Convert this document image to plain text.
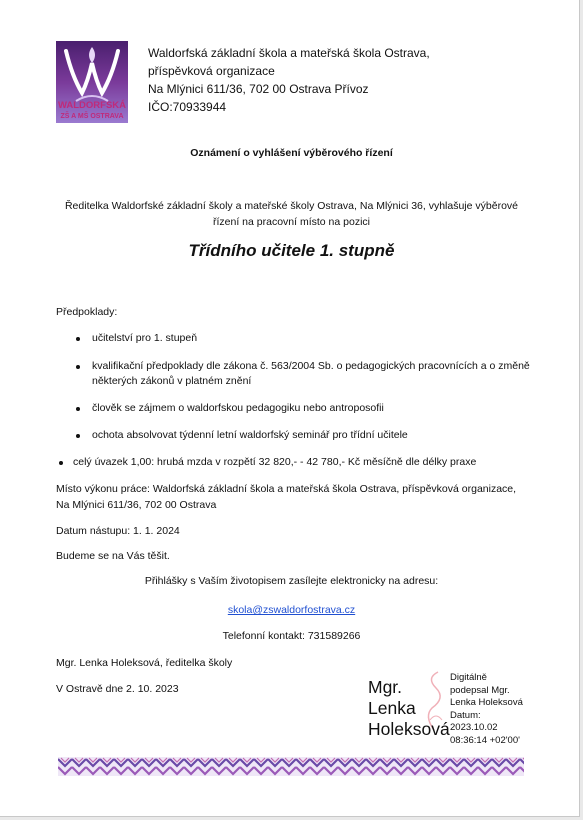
WALDORFSKÁ
ZŠ A MŠ OSTRAVA
Waldorfská základní škola a mateřská škola Ostrava,
příspěvková organizace
Na Mlýnici 611/36, 702 00 Ostrava Přívoz
IČO:70933944
Oznámení o vyhlášení výběrového řízení
Ředitelka Waldorfské základní školy a mateřské školy Ostrava, Na Mlýnici 36, vyhlašuje výběrové
řízení na pracovní místo na pozici
Třídního učitele 1. stupně
Předpoklady:
učitelství pro 1. stupeň
kvalifikační předpoklady dle zákona č. 563/2004 Sb. o pedagogických pracovnících a o změně
některých zákonů v platném znění
člověk se zájmem o waldorfskou pedagogiku nebo antroposofii
ochota absolvovat týdenní letní waldorfský seminář pro třídní učitele
celý úvazek 1,00: hrubá mzda v rozpětí 32 820,- - 42 780,- Kč měsíčně dle délky praxe
Místo výkonu práce: Waldorfská základní škola a mateřská škola Ostrava, příspěvková organizace,
Na Mlýnici 611/36, 702 00 Ostrava
Datum nástupu: 1. 1. 2024
Budeme se na Vás těšit.
Přihlášky s Vaším životopisem zasílejte elektronicky na adresu:
skola@zswaldorfostrava.cz
Telefonní kontakt: 731589266
Mgr. Lenka Holeksová, ředitelka školy
V Ostravě dne 2. 10. 2023	Mgr.
Lenka
Holeksová
Digitálně
podepsal Mgr.
Lenka Holeksová
Datum:
2023.10.02
08:36:14 +02'00'
